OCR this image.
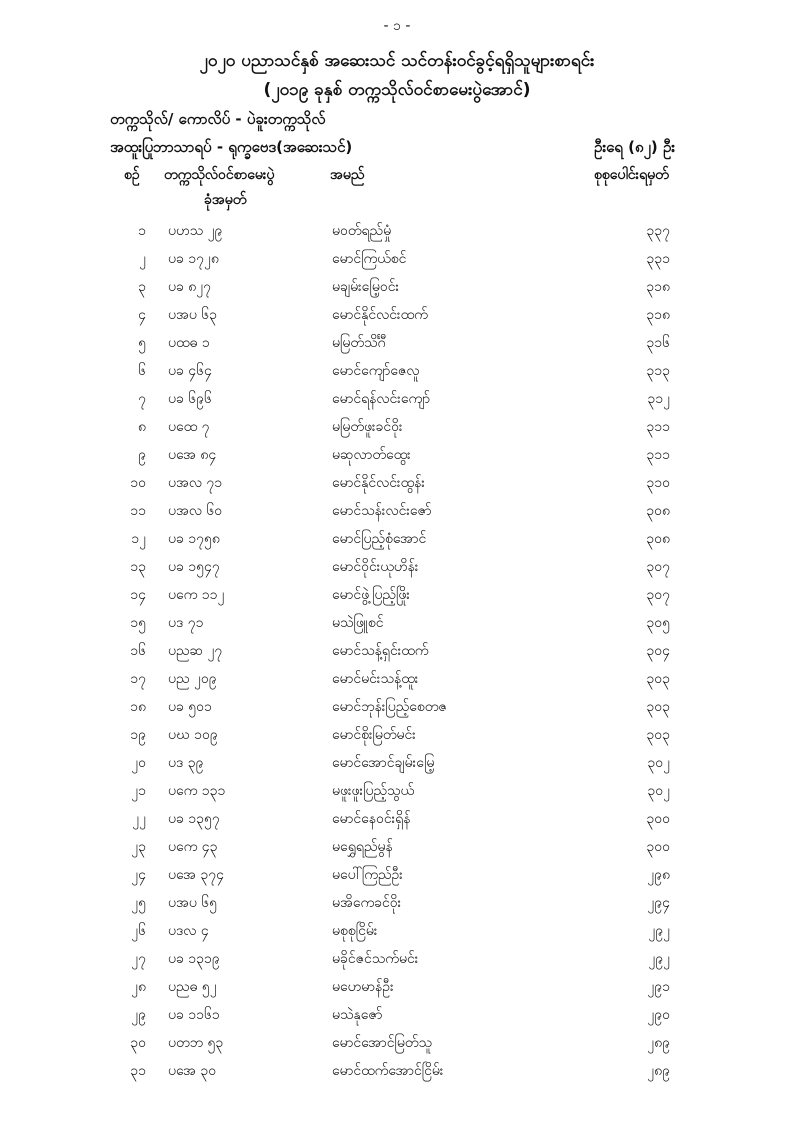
- ၁ -
၂၀၂၀ ပညာသင်နှစ် အဆေးသင် သင်တန်းဝင်ခွင့်ရရှိသူများစာရင်း
(၂၀၁၉ ခုနှစ် တက္ကသိုလ်ဝင်စာမေးပွဲအောင်)
တက္ကသိုလ်/ ကောလိပ် - ပဲခူးတက္ကသိုလ်
အထူးပြုဘာသာရပ် - ရုက္ခဗေဒ(အဆေးသင်)	ဦးရေ (၈၂) ဦး
စဉ် တက္ကသိုလ်ဝင်စာမေးပွဲ
ခုံအမှတ်
အမည်	စုစုပေါင်းရမှတ်
၁ ပဟသ ၂၉	မဝတ်ရည်မှုံ	၃၃၇
၂ ပခ ၁၇၂၈	မောင်ကြယ်စင်	၃၃၁
၃ ပခ ၈၂၇	မချမ်းမြေ့ဝင်း	၃၁၈
၄ ပအပ ၆၃	မောင်နိုင်လင်းထက်	၃၁၈
၅ ပထဓ ၁	မမြတ်သိင်္ဂီ	၃၁၆
၆ ပခ ၄၆၄	မောင်ကျော်ဇေလူ	၃၁၃
၇ ပခ ၆၉၆	မောင်ရန်လင်းကျော်	၃၁၂
၈ ပထေ ၇	မမြတ်ဖူးခင်ဝိုး	၃၁၁
၉ ပအေ ၈၄	မဆုလာတ်ထွေး	၃၁၁
၁၀ ပအလ ၇၁	မောင်နိုင်လင်းထွန်း	၃၁၀
၁၁ ပအလ ၆၀	မောင်သန်းလင်းဇော်	၃၀၈
၁၂ ပခ ၁၇၅၈	မောင်ပြည့်စုံအောင်	၃၀၈
၁၃ ပခ ၁၅၄၇	မောင်ဝိုင်းယုဟိန်း	၃၀၇
၁၄ ပကေ ၁၁၂	မောင်ဖွဲ့ပြည့်ဖြိုး	၃၀၇
၁၅ ပဒ ၇၁	မသဲဖြူစင်	၃၀၅
၁၆ ပညဆ ၂၇	မောင်သန့်ရှင်းထက်	၃၀၄
၁၇ ပည ၂၀၉	မောင်မင်းသန့်ထူး	၃၀၃
၁၈ ပခ ၅၀၁	မောင်ဘုန်းပြည့်စေတဇ	၃၀၃
၁၉ ပဃ ၁၀၉	မောင်စိုးမြတ်မင်း	၃၀၃
၂၀ ပဒ ၃၉	မောင်အောင်ချမ်းမြေ့	၃၀၂
၂၁ ပကေ ၁၃၁	မဖူးဖူးပြည့်သွယ်	၃၀၂
၂၂ ပခ ၁၃၅၇	မောင်နေဝင်းရှိန်	၃၀၀
၂၃ ပကေ ၄၃	မရွှေရည်မွန်	၃၀၀
၂၄ ပအေ ၃၇၄	မပေါ်ကြည်ဦး	၂၉၈
၂၅ ပအပ ၆၅	မအိကေခင်ဝိုး	၂၉၄
၂၆ ပဒလ ၄	မစုစုငြိမ်း	၂၉၂
၂၇ ပခ ၁၃၁၉	မခိုင်ဇင်သက်မင်း	၂၉၂
၂၈ ပညဓ ၅၂	မဟေမာန်ဦး	၂၉၁
၂၉ ပခ ၁၁၆၁	မသဲနုဇော်	၂၉၀
၃၀ ပတဘ ၅၃	မောင်အောင်မြတ်သူ	၂၈၉
၃၁ ပအေ ၃၀	မောင်ထက်အောင်ငြိမ်း	၂၈၉
